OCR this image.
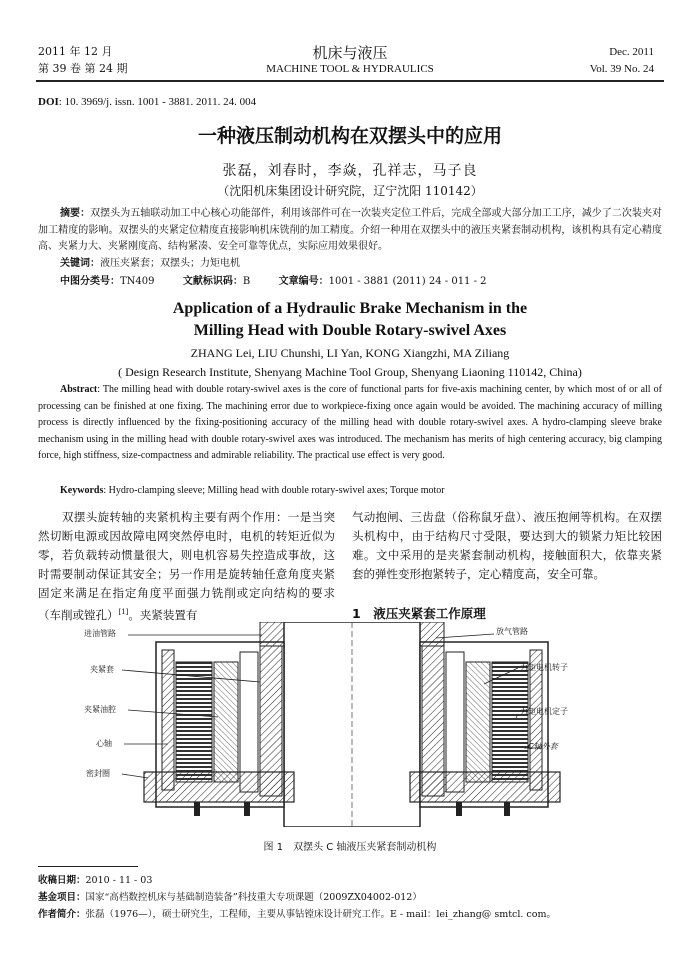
2011 年 12 月
第 39 卷 第 24 期
机床与液压
MACHINE TOOL & HYDRAULICS
Dec. 2011
Vol. 39 No. 24
DOI: 10. 3969/j. issn. 1001 - 3881. 2011. 24. 004
一种液压制动机构在双摆头中的应用
张磊，刘春时，李焱，孔祥志，马子良
（沈阳机床集团设计研究院，辽宁沈阳 110142）
摘要：双摆头为五轴联动加工中心核心功能部件，利用该部件可在一次装夹定位工件后，完成全部或大部分加工工序，减少了二次装夹对加工精度的影响。双摆头的夹紧定位精度直接影响机床铣削的加工精度。介绍一种用在双摆头中的液压夹紧套制动机构，该机构具有定心精度高、夹紧力大、夹紧刚度高、结构紧凑、安全可靠等优点，实际应用效果很好。
关键词：液压夹紧套；双摆头；力矩电机
中图分类号：TN409	文献标识码：B	文章编号：1001 - 3881 (2011) 24 - 011 - 2
Application of a Hydraulic Brake Mechanism in the
Milling Head with Double Rotary-swivel Axes
ZHANG Lei, LIU Chunshi, LI Yan, KONG Xiangzhi, MA Ziliang
( Design Research Institute, Shenyang Machine Tool Group, Shenyang Liaoning 110142, China)
Abstract: The milling head with double rotary-swivel axes is the core of functional parts for five-axis machining center, by which most of or all of processing can be finished at one fixing. The machining error due to workpiece-fixing once again would be avoided. The machining accuracy of milling process is directly influenced by the fixing-positioning accuracy of the milling head with double rotary-swivel axes. A hydro-clamping sleeve brake mechanism using in the milling head with double rotary-swivel axes was introduced. The mechanism has merits of high centering accuracy, big clamping force, high stiffness, size-compactness and admirable reliability. The practical use effect is very good.
Keywords: Hydro-clamping sleeve; Milling head with double rotary-swivel axes; Torque motor
双摆头旋转轴的夹紧机构主要有两个作用：一是当突然切断电源或因故障电网突然停电时，电机的转矩近似为零，若负载转动惯量很大，则电机容易失控造成事故，这时需要制动保证其安全；另一作用是旋转轴任意角度夹紧固定来满足在指定角度平面强力铣削或定向结构的要求（车削或镗孔）[1]。夹紧装置有
气动抱闸、三齿盘（俗称鼠牙盘）、液压抱闸等机构。在双摆头机构中，由于结构尺寸受限，要达到大的锁紧力矩比较困难。文中采用的是夹紧套制动机构，接触面积大，依靠夹紧套的弹性变形抱紧转子，定心精度高，安全可靠。
1　液压夹紧套工作原理
进油管路
夹紧套
夹紧油腔
心轴
密封圈
放气管路
力矩电机转子
力矩电机定子
C轴外套
图 1　双摆头 C 轴液压夹紧套制动机构
收稿日期：2010 - 11 - 03
基金项目：国家“高档数控机床与基础制造装备”科技重大专项课题（2009ZX04002-012）
作者简介：张磊（1976—），硕士研究生，工程师，主要从事钻镗床设计研究工作。E - mail：lei_zhang@ smtcl. com。
